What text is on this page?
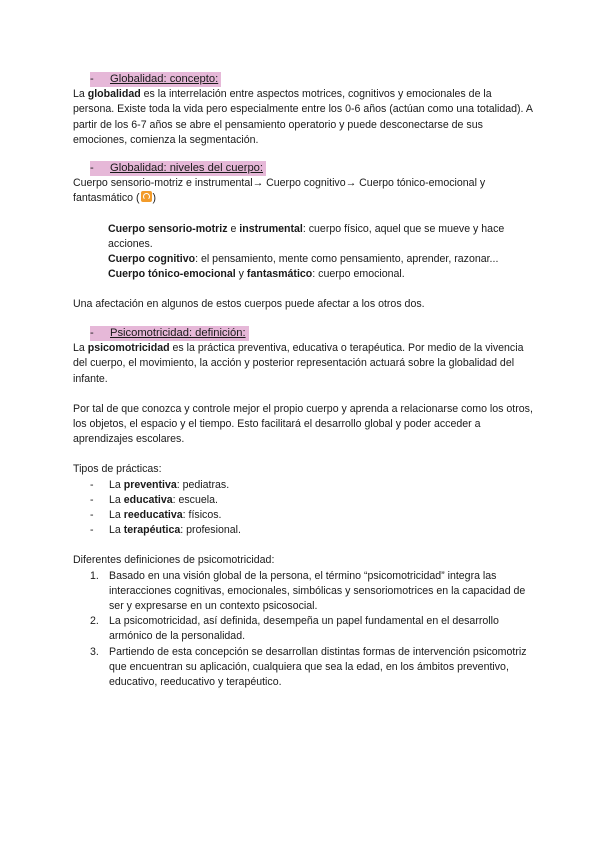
- Globalidad: concepto:

La globalidad es la interrelación entre aspectos motrices, cognitivos y emocionales de la persona. Existe toda la vida pero especialmente entre los 0-6 años (actúan como una totalidad). A partir de los 6-7 años se abre el pensamiento operatorio y puede desconectarse de sus emociones, comienza la segmentación.

- Globalidad: niveles del cuerpo:

Cuerpo sensorio-motriz e instrumental→ Cuerpo cognitivo→ Cuerpo tónico-emocional y fantasmático ( )

Cuerpo sensorio-motriz e instrumental: cuerpo físico, aquel que se mueve y hace acciones.

Cuerpo cognitivo: el pensamiento, mente como pensamiento, aprender, razonar...

Cuerpo tónico-emocional y fantasmático: cuerpo emocional.

Una afectación en algunos de estos cuerpos puede afectar a los otros dos.

- Psicomotricidad: definición:

La psicomotricidad es la práctica preventiva, educativa o terapéutica. Por medio de la vivencia del cuerpo, el movimiento, la acción y posterior representación actuará sobre la globalidad del infante.

Por tal de que conozca y controle mejor el propio cuerpo y aprenda a relacionarse como los otros, los objetos, el espacio y el tiempo. Esto facilitará el desarrollo global y poder acceder a aprendizajes escolares.

Tipos de prácticas:

- La preventiva: pediatras.
- La educativa: escuela.
- La reeducativa: físicos.
- La terapéutica: profesional.

Diferentes definiciones de psicomotricidad:

1. Basado en una visión global de la persona, el término “psicomotricidad” integra las interacciones cognitivas, emocionales, simbólicas y sensoriomotrices en la capacidad de ser y expresarse en un contexto psicosocial.
2. La psicomotricidad, así definida, desempeña un papel fundamental en el desarrollo armónico de la personalidad.
3. Partiendo de esta concepción se desarrollan distintas formas de intervención psicomotriz que encuentran su aplicación, cualquiera que sea la edad, en los ámbitos preventivo, educativo, reeducativo y terapéutico.
